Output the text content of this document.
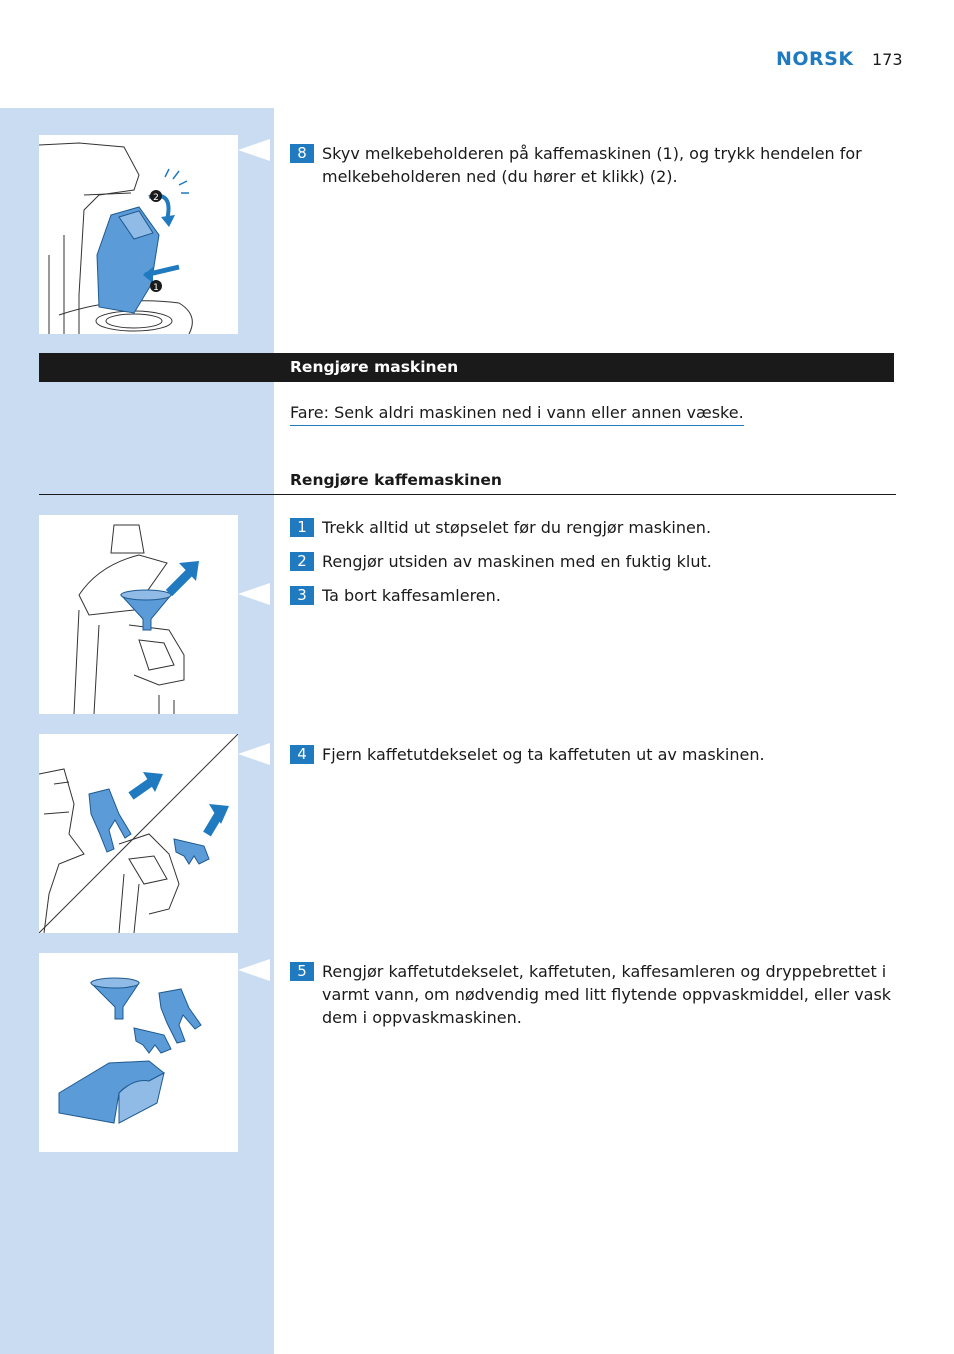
NORSK 173
2
1
8 Skyv melkebeholderen på kaffemaskinen (1), og trykk hendelen for melkebeholderen ned (du hører et klikk) (2).
Rengjøre maskinen
Fare: Senk aldri maskinen ned i vann eller annen væske.
Rengjøre kaffemaskinen
1 Trekk alltid ut støpselet før du rengjør maskinen.
2 Rengjør utsiden av maskinen med en fuktig klut.
3 Ta bort kaffesamleren.
4 Fjern kaffetutdekselet og ta kaffetuten ut av maskinen.
5 Rengjør kaffetutdekselet, kaffetuten, kaffesamleren og dryppebrettet i varmt vann, om nødvendig med litt flytende oppvaskmiddel, eller vask dem i oppvaskmaskinen.
